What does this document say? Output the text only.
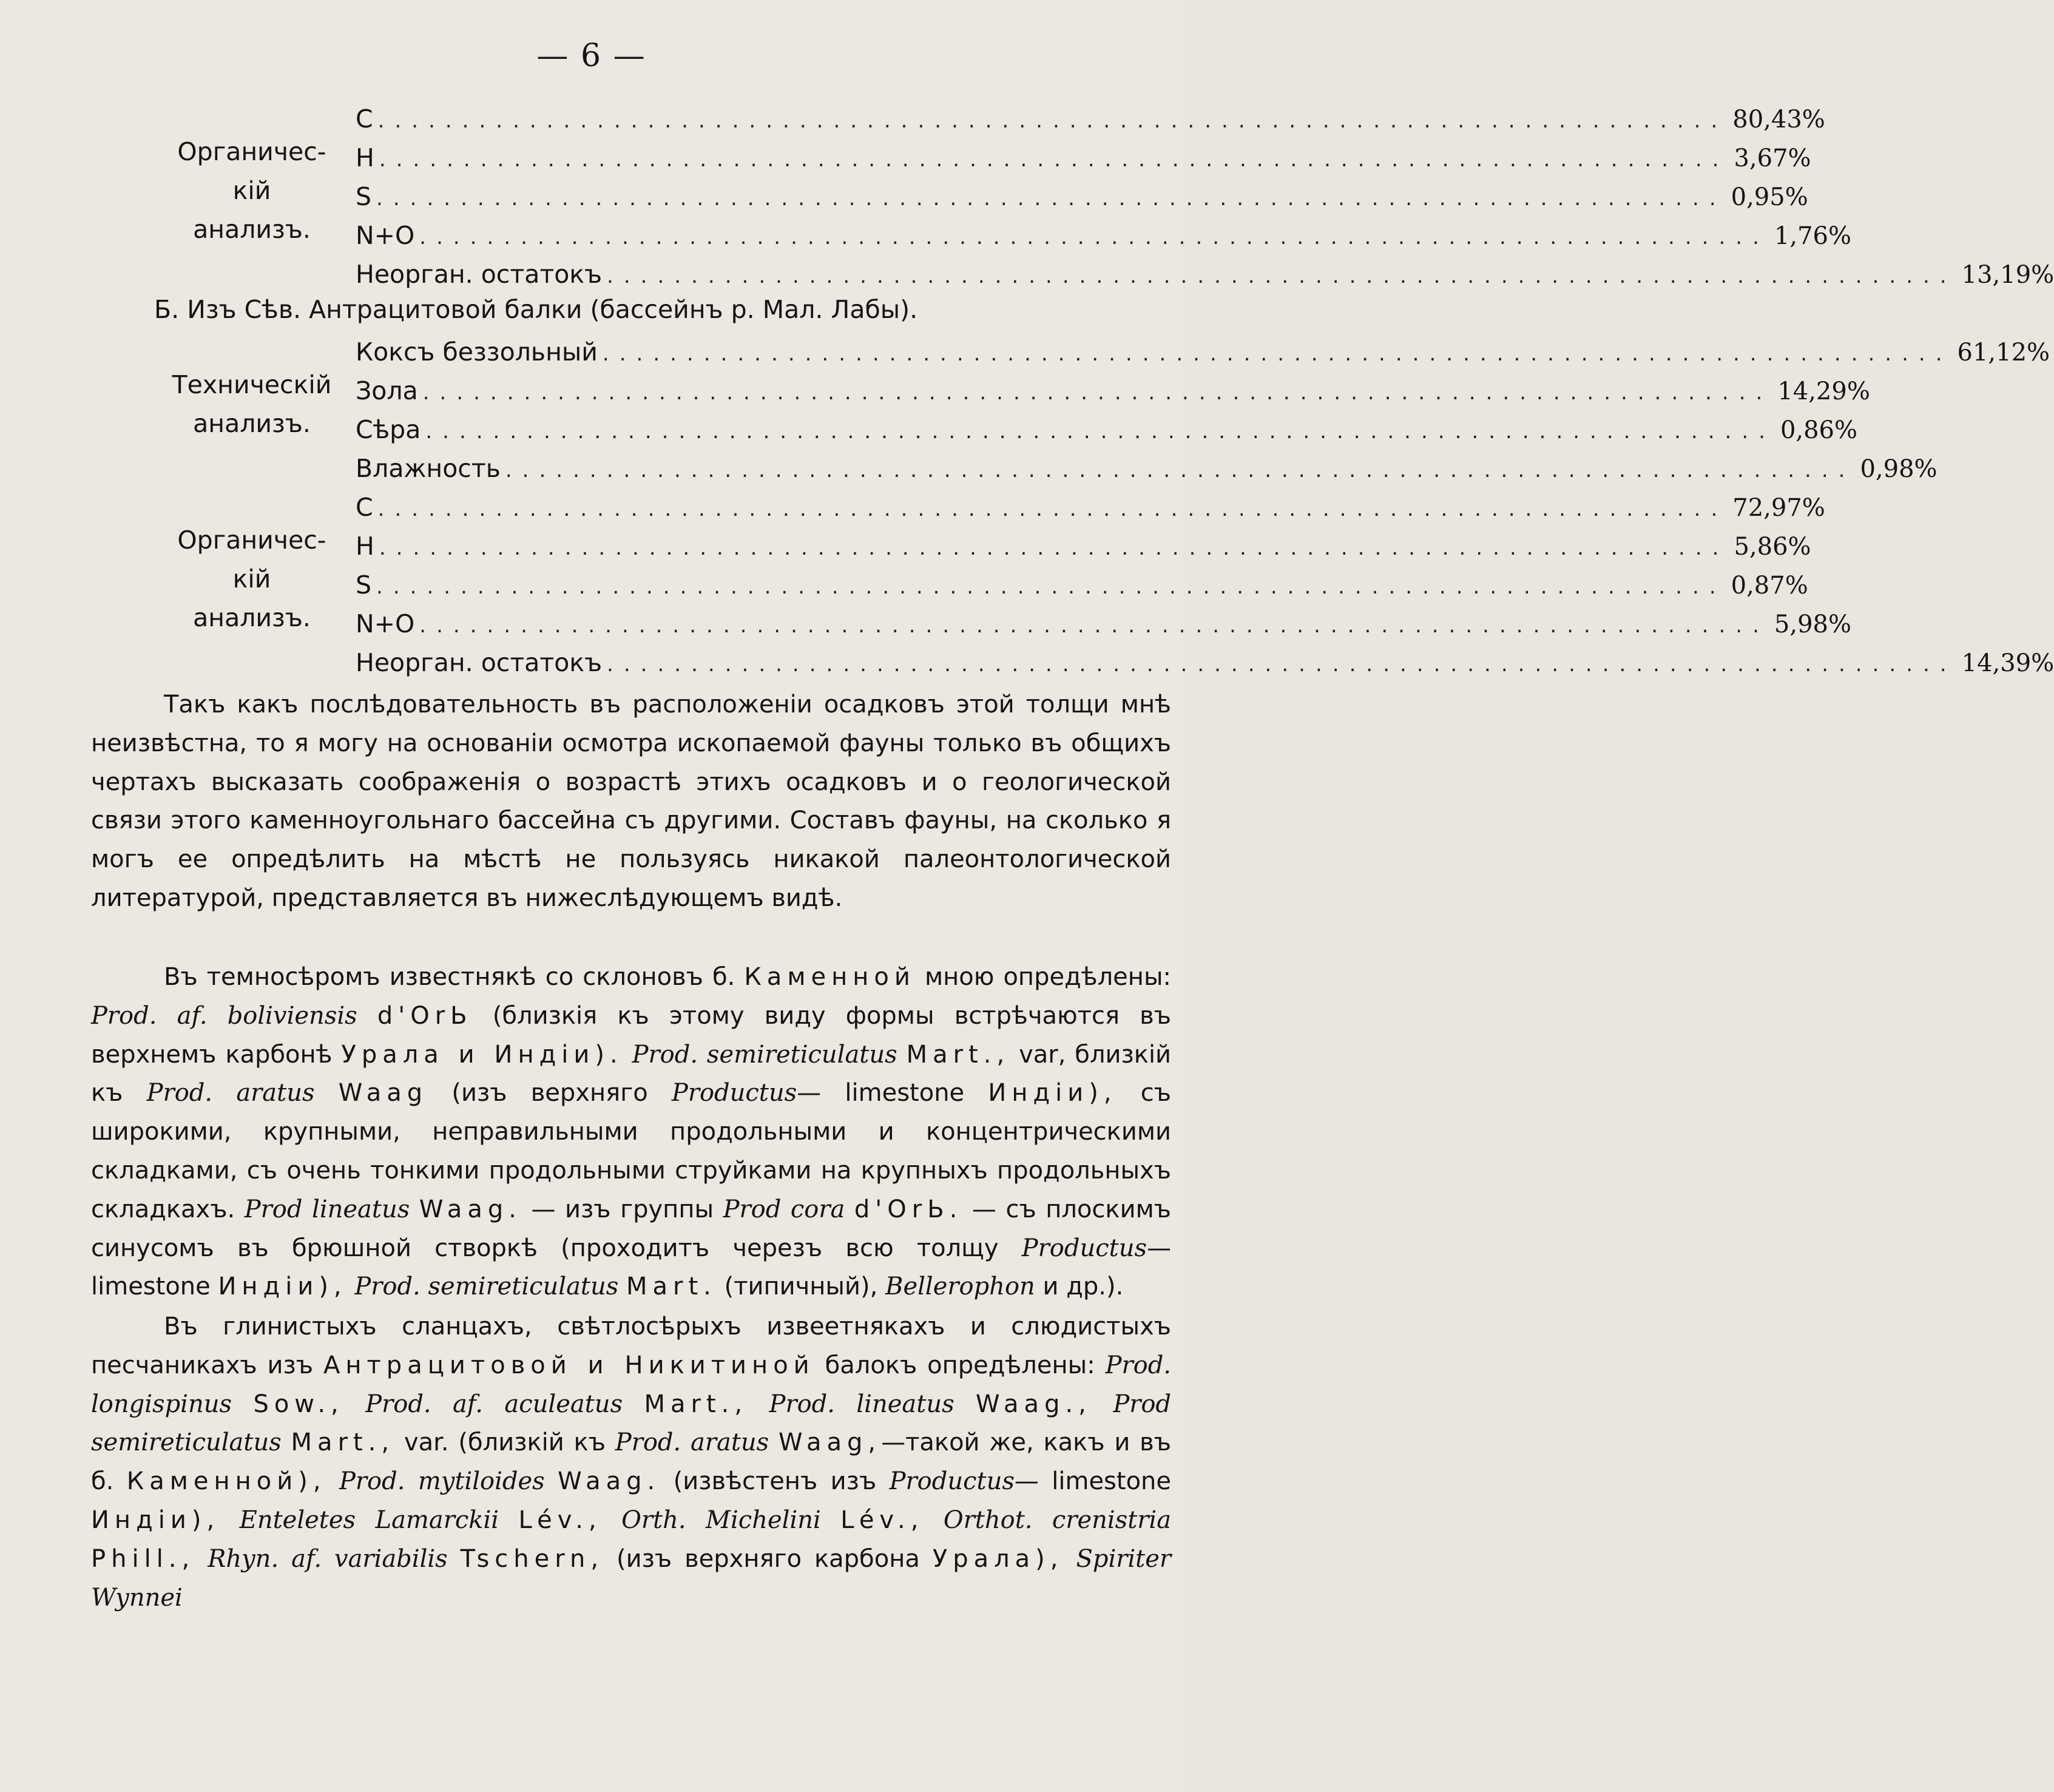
— 6 —
Органичес-
кій
анализъ.
С ................................................................................ 80,43%
Н ................................................................................ 3,67%
S ................................................................................ 0,95%
N+O ................................................................................ 1,76%
Неорган. остатокъ ................................................................................ 13,19%
Б. Изъ Сѣв. Антрацитовой балки (бассейнъ р. Мал. Лабы).
Техническій
анализъ.
Коксъ беззольный ................................................................................ 61,12%
Зола ................................................................................ 14,29%
Сѣра ................................................................................ 0,86%
Влажность ................................................................................ 0,98%
Органичес-
кій
анализъ.
С ................................................................................ 72,97%
Н ................................................................................ 5,86%
S ................................................................................ 0,87%
N+O ................................................................................ 5,98%
Неорган. остатокъ ................................................................................ 14,39%

Такъ какъ послѣдовательность въ расположеніи осадковъ этой толщи мнѣ неизвѣстна, то я могу на основаніи осмотра ископаемой фауны только въ общихъ чертахъ высказать соображенія о возрастѣ этихъ осадковъ и о геологической связи этого каменноугольнаго бассейна съ другими. Составъ фауны, на сколько я могъ ее опредѣлить на мѣстѣ не пользуясь никакой палеонтологической литературой, представляется въ нижеслѣдующемъ видѣ.

Въ темносѣромъ известнякѣ со склоновъ б. Каменной мною опредѣлены: Prod. af. boliviensis d'OrЬ (близкія къ этому виду формы встрѣчаются въ верхнемъ карбонѣ Урала и Индіи). Prod. semireticulatus Mart., var, близкій къ Prod. aratus Waag (изъ верхняго Productus— limestone Индіи), съ широкими, крупными, неправильными продольными и концентрическими складками, съ очень тонкими продольными струйками на крупныхъ продольныхъ складкахъ. Prod lineatus Waag. — изъ группы Prod cora d'OrЬ. — съ плоскимъ синусомъ въ брюшной створкѣ (проходитъ черезъ всю толщу Productus— limestone Индіи), Prod. semireticulatus Mart. (типичный), Bellerophon и др.).

Въ глинистыхъ сланцахъ, свѣтлосѣрыхъ извеетнякахъ и слюдистыхъ песчаникахъ изъ Антрацитовой и Никитиной балокъ опредѣлены: Prod. longispinus Sow., Prod. af. aculeatus Mart., Prod. lineatus Waag., Prod semireticulatus Mart., var. (близкій къ Prod. aratus Waag,—такой же, какъ и въ б. Каменной), Prod. mytiloides Waag. (извѣстенъ изъ Productus— limestone Индіи), Enteletes Lamarckii Lév., Orth. Michelini Lév., Orthot. crenistria Phill., Rhyn. af. variabilis Tschern, (изъ верхняго карбона Урала), Spiriter Wynnei
